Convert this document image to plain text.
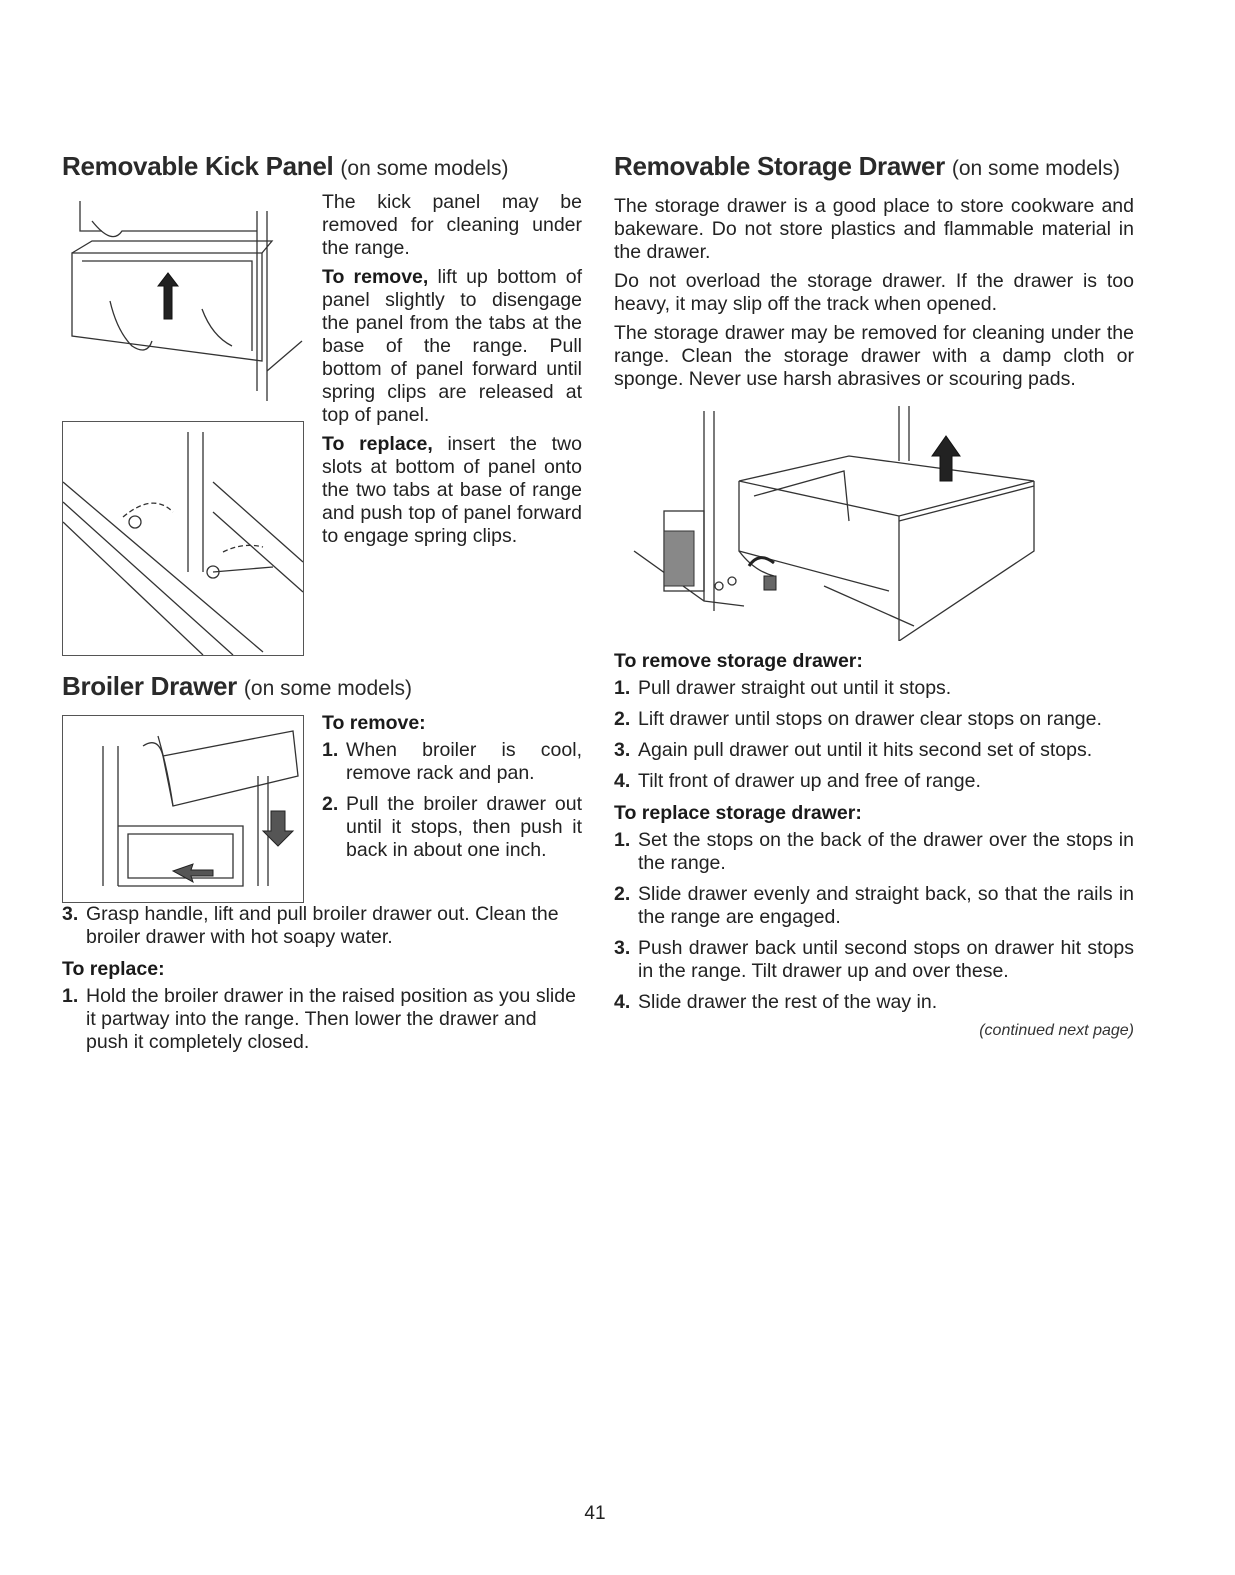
Removable Kick Panel (on some models)

The kick panel may be removed for cleaning under the range.

To remove, lift up bottom of panel slightly to disengage the panel from the tabs at the base of the range. Pull bottom of panel forward until spring clips are released at top of panel.

To replace, insert the two slots at bottom of panel onto the two tabs at base of range and push top of panel forward to engage spring clips.

Broiler Drawer (on some models)
To remove:
1. When broiler is cool, remove rack and pan.
2. Pull the broiler drawer out until it stops, then push it back in about one inch.
3. Grasp handle, lift and pull broiler drawer out. Clean the broiler drawer with hot soapy water.
To replace:
1. Hold the broiler drawer in the raised position as you slide it partway into the range. Then lower the drawer and push it completely closed.
Removable Storage Drawer (on some models)

The storage drawer is a good place to store cookware and bakeware. Do not store plastics and flammable material in the drawer.

Do not overload the storage drawer. If the drawer is too heavy, it may slip off the track when opened.

The storage drawer may be removed for cleaning under the range. Clean the storage drawer with a damp cloth or sponge. Never use harsh abrasives or scouring pads.

To remove storage drawer:
1. Pull drawer straight out until it stops.
2. Lift drawer until stops on drawer clear stops on range.
3. Again pull drawer out until it hits second set of stops.
4. Tilt front of drawer up and free of range.
To replace storage drawer:
1. Set the stops on the back of the drawer over the stops in the range.
2. Slide drawer evenly and straight back, so that the rails in the range are engaged.
3. Push drawer back until second stops on drawer hit stops in the range. Tilt drawer up and over these.
4. Slide drawer the rest of the way in.
(continued next page)
41
